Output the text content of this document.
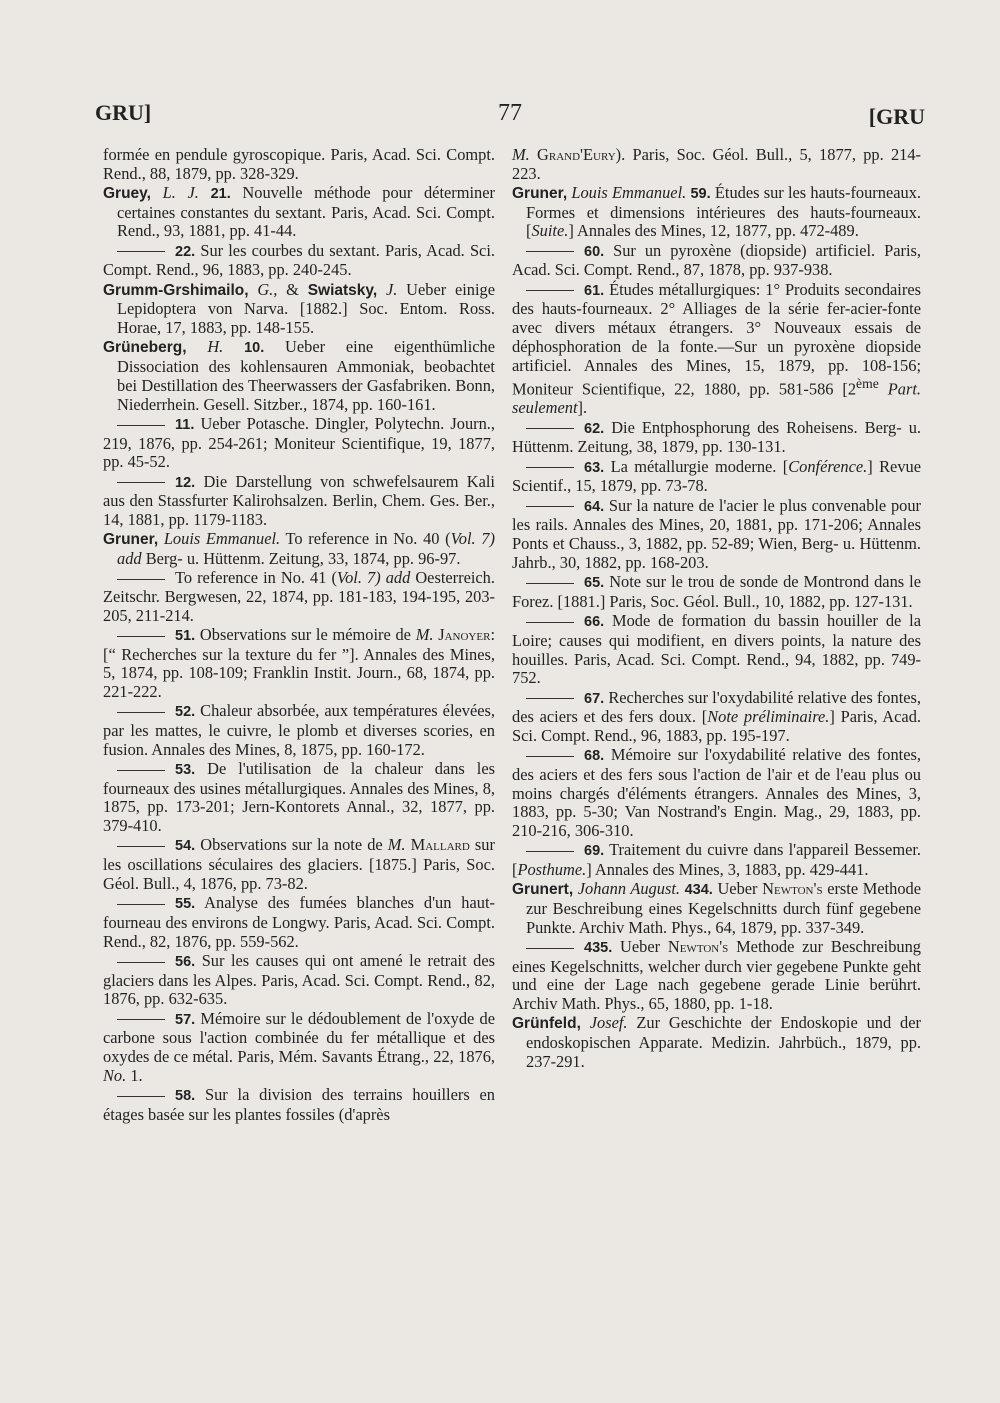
GRU]	77	[GRU

formée en pendule gyroscopique. Paris, Acad. Sci. Compt. Rend., 88, 1879, pp. 328-329.

Gruey, L. J. 21. Nouvelle méthode pour déterminer certaines constantes du sextant. Paris, Acad. Sci. Compt. Rend., 93, 1881, pp. 41-44.

22. Sur les courbes du sextant. Paris, Acad. Sci. Compt. Rend., 96, 1883, pp. 240-245.

Grumm-Grshimailo, G., & Swiatsky, J. Ueber einige Lepidoptera von Narva. [1882.] Soc. Entom. Ross. Horae, 17, 1883, pp. 148-155.

Grüneberg, H. 10. Ueber eine eigenthümliche Dissociation des kohlensauren Ammoniak, beobachtet bei Destillation des Theerwassers der Gasfabriken. Bonn, Niederrhein. Gesell. Sitzber., 1874, pp. 160-161.

11. Ueber Potasche. Dingler, Polytechn. Journ., 219, 1876, pp. 254-261; Moniteur Scientifique, 19, 1877, pp. 45-52.

12. Die Darstellung von schwefelsaurem Kali aus den Stassfurter Kalirohsalzen. Berlin, Chem. Ges. Ber., 14, 1881, pp. 1179-1183.

Gruner, Louis Emmanuel. To reference in No. 40 (Vol. 7) add Berg- u. Hüttenm. Zeitung, 33, 1874, pp. 96-97.

To reference in No. 41 (Vol. 7) add Oesterreich. Zeitschr. Bergwesen, 22, 1874, pp. 181-183, 194-195, 203-205, 211-214.

51. Observations sur le mémoire de M. Janoyer: [“ Recherches sur la texture du fer ”]. Annales des Mines, 5, 1874, pp. 108-109; Franklin Instit. Journ., 68, 1874, pp. 221-222.

52. Chaleur absorbée, aux températures élevées, par les mattes, le cuivre, le plomb et diverses scories, en fusion. Annales des Mines, 8, 1875, pp. 160-172.

53. De l'utilisation de la chaleur dans les fourneaux des usines métallurgiques. Annales des Mines, 8, 1875, pp. 173-201; Jern-Kontorets Annal., 32, 1877, pp. 379-410.

54. Observations sur la note de M. Mallard sur les oscillations séculaires des glaciers. [1875.] Paris, Soc. Géol. Bull., 4, 1876, pp. 73-82.

55. Analyse des fumées blanches d'un haut-fourneau des environs de Longwy. Paris, Acad. Sci. Compt. Rend., 82, 1876, pp. 559-562.

56. Sur les causes qui ont amené le retrait des glaciers dans les Alpes. Paris, Acad. Sci. Compt. Rend., 82, 1876, pp. 632-635.

57. Mémoire sur le dédoublement de l'oxyde de carbone sous l'action combinée du fer métallique et des oxydes de ce métal. Paris, Mém. Savants Étrang., 22, 1876, No. 1.

58. Sur la division des terrains houillers en étages basée sur les plantes fossiles (d'après

M. Grand'Eury). Paris, Soc. Géol. Bull., 5, 1877, pp. 214-223.

Gruner, Louis Emmanuel. 59. Études sur les hauts-fourneaux. Formes et dimensions intérieures des hauts-fourneaux. [Suite.] Annales des Mines, 12, 1877, pp. 472-489.

60. Sur un pyroxène (diopside) artificiel. Paris, Acad. Sci. Compt. Rend., 87, 1878, pp. 937-938.

61. Études métallurgiques: 1° Produits secondaires des hauts-fourneaux. 2° Alliages de la série fer-acier-fonte avec divers métaux étrangers. 3° Nouveaux essais de déphosphoration de la fonte.—Sur un pyroxène diopside artificiel. Annales des Mines, 15, 1879, pp. 108-156; Moniteur Scientifique, 22, 1880, pp. 581-586 [2ème Part. seulement].

62. Die Entphosphorung des Roheisens. Berg- u. Hüttenm. Zeitung, 38, 1879, pp. 130-131.

63. La métallurgie moderne. [Conférence.] Revue Scientif., 15, 1879, pp. 73-78.

64. Sur la nature de l'acier le plus convenable pour les rails. Annales des Mines, 20, 1881, pp. 171-206; Annales Ponts et Chauss., 3, 1882, pp. 52-89; Wien, Berg- u. Hüttenm. Jahrb., 30, 1882, pp. 168-203.

65. Note sur le trou de sonde de Montrond dans le Forez. [1881.] Paris, Soc. Géol. Bull., 10, 1882, pp. 127-131.

66. Mode de formation du bassin houiller de la Loire; causes qui modifient, en divers points, la nature des houilles. Paris, Acad. Sci. Compt. Rend., 94, 1882, pp. 749-752.

67. Recherches sur l'oxydabilité relative des fontes, des aciers et des fers doux. [Note préliminaire.] Paris, Acad. Sci. Compt. Rend., 96, 1883, pp. 195-197.

68. Mémoire sur l'oxydabilité relative des fontes, des aciers et des fers sous l'action de l'air et de l'eau plus ou moins chargés d'éléments étrangers. Annales des Mines, 3, 1883, pp. 5-30; Van Nostrand's Engin. Mag., 29, 1883, pp. 210-216, 306-310.

69. Traitement du cuivre dans l'appareil Bessemer. [Posthume.] Annales des Mines, 3, 1883, pp. 429-441.

Grunert, Johann August. 434. Ueber Newton's erste Methode zur Beschreibung eines Kegelschnitts durch fünf gegebene Punkte. Archiv Math. Phys., 64, 1879, pp. 337-349.

435. Ueber Newton's Methode zur Beschreibung eines Kegelschnitts, welcher durch vier gegebene Punkte geht und eine der Lage nach gegebene gerade Linie berührt. Archiv Math. Phys., 65, 1880, pp. 1-18.

Grünfeld, Josef. Zur Geschichte der Endoskopie und der endoskopischen Apparate. Medizin. Jahrbüch., 1879, pp. 237-291.
